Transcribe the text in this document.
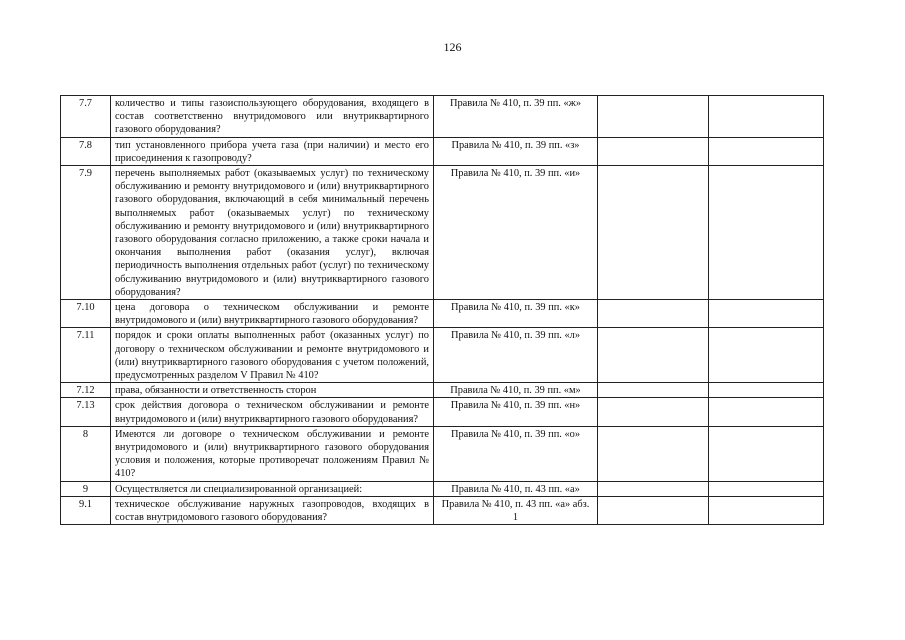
126
7.7	количество и типы газоиспользующего оборудования, входящего в состав соответственно внутридомового или внутриквартирного газового оборудования?	Правила № 410, п. 39 пп. «ж»		
7.8	тип установленного прибора учета газа (при наличии) и место его присоединения к газопроводу?	Правила № 410, п. 39 пп. «з»		
7.9	перечень выполняемых работ (оказываемых услуг) по техническому обслуживанию и ремонту внутридомового и (или) внутриквартирного газового оборудования, включающий в себя минимальный перечень выполняемых работ (оказываемых услуг) по техническому обслуживанию и ремонту внутридомового и (или) внутриквартирного газового оборудования согласно приложению, а также сроки начала и окончания выполнения работ (оказания услуг), включая периодичность выполнения отдельных работ (услуг) по техническому обслуживанию внутридомового и (или) внутриквартирного газового оборудования?	Правила № 410, п. 39 пп. «и»		
7.10	цена договора о техническом обслуживании и ремонте внутридомового и (или) внутриквартирного газового оборудования?	Правила № 410, п. 39 пп. «к»		
7.11	порядок и сроки оплаты выполненных работ (оказанных услуг) по договору о техническом обслуживании и ремонте внутридомового и (или) внутриквартирного газового оборудования с учетом положений, предусмотренных разделом V Правил № 410?	Правила № 410, п. 39 пп. «л»		
7.12	права, обязанности и ответственность сторон	Правила № 410, п. 39 пп. «м»		
7.13	срок действия договора о техническом обслуживании и ремонте внутридомового и (или) внутриквартирного газового оборудования?	Правила № 410, п. 39 пп. «н»		
8	Имеются ли договоре о техническом обслуживании и ремонте внутридомового и (или) внутриквартирного газового оборудования условия и положения, которые противоречат положениям Правил № 410?	Правила № 410, п. 39 пп. «о»		
9	Осуществляется ли специализированной организацией:	Правила № 410, п. 43 пп. «а»		
9.1	техническое обслуживание наружных газопроводов, входящих в состав внутридомового газового оборудования?	Правила № 410, п. 43 пп. «а» абз. 1		
